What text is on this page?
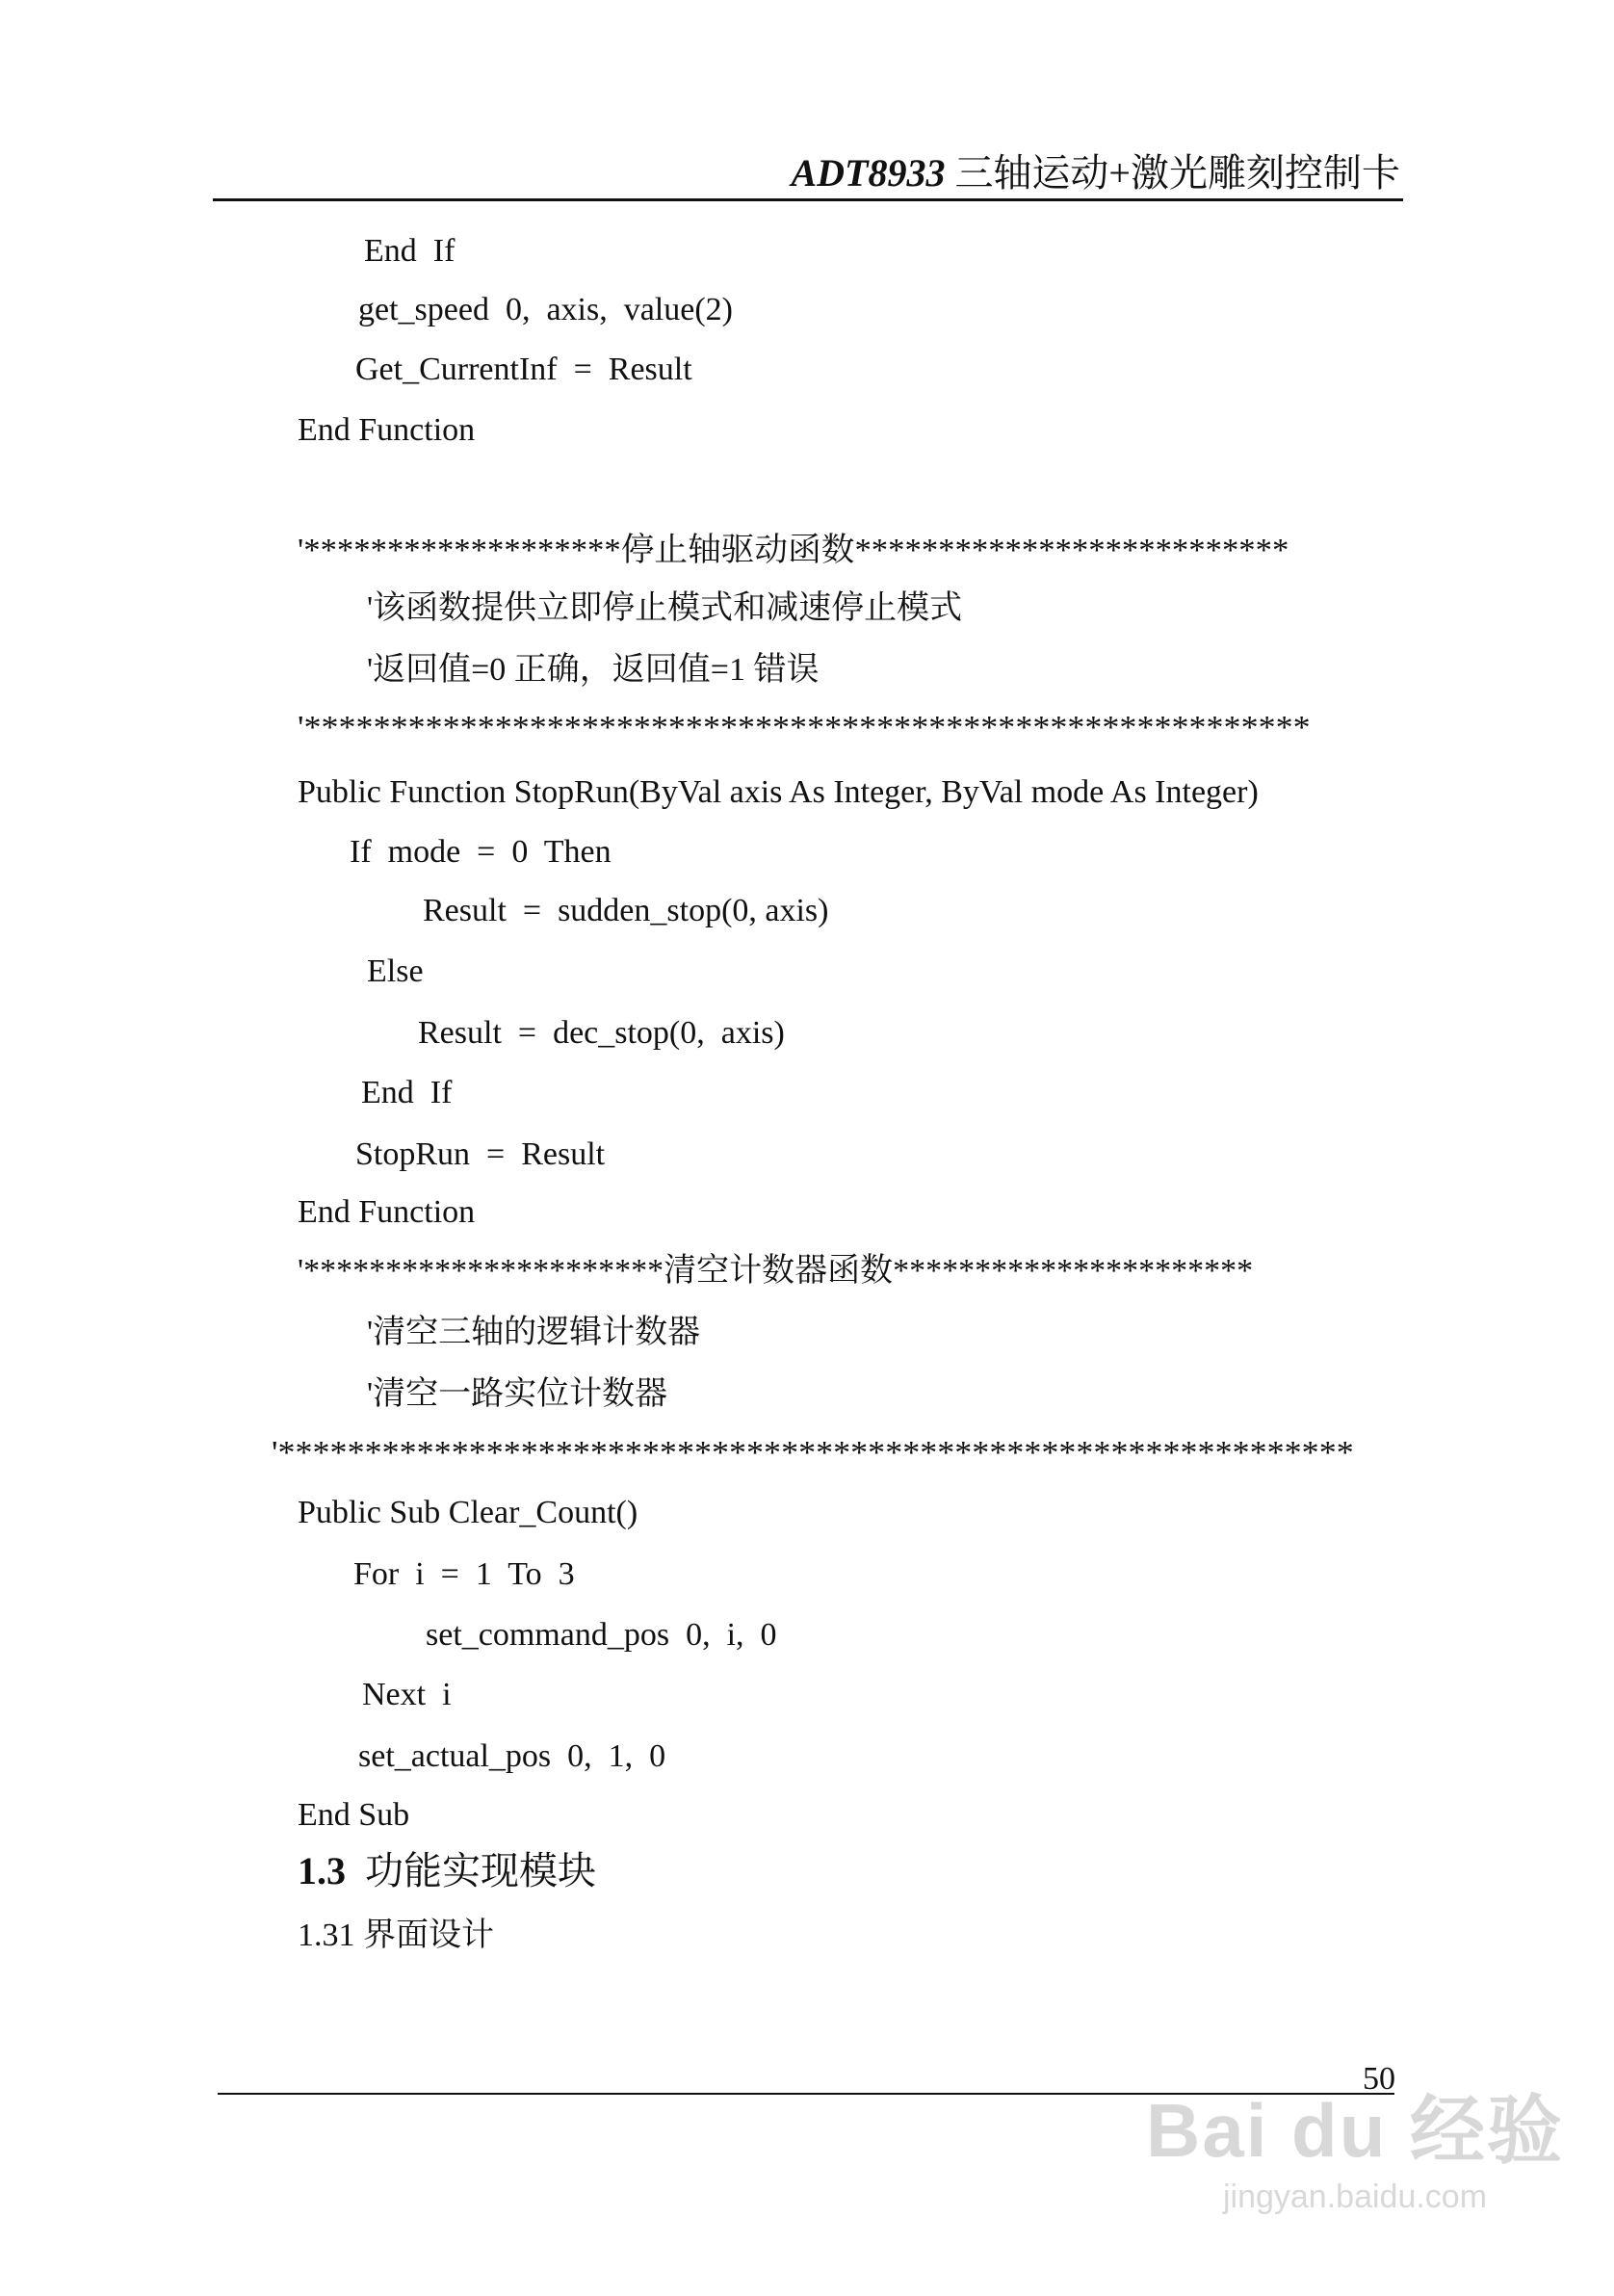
ADT8933 三轴运动+激光雕刻控制卡
End  If
get_speed  0,  axis,  value(2)
Get_CurrentInf  =  Result
End Function
'*******************停止轴驱动函数**************************
'该函数提供立即停止模式和减速停止模式
'返回值=0 正确，返回值=1 错误
'**********************************************************
Public Function StopRun(ByVal axis As Integer, ByVal mode As Integer)
If  mode  =  0  Then
Result  =  sudden_stop(0, axis)
Else
Result  =  dec_stop(0,  axis)
End  If
StopRun  =  Result
End Function
'**********************清空计数器函数**********************
'清空三轴的逻辑计数器
'清空一路实位计数器
'**************************************************************
Public Sub Clear_Count()
For  i  =  1  To  3
set_command_pos  0,  i,  0
Next  i
set_actual_pos  0,  1,  0
End Sub
1.3 功能实现模块
1.31 界面设计
Bai du 经验
jingyan.baidu.com
50
